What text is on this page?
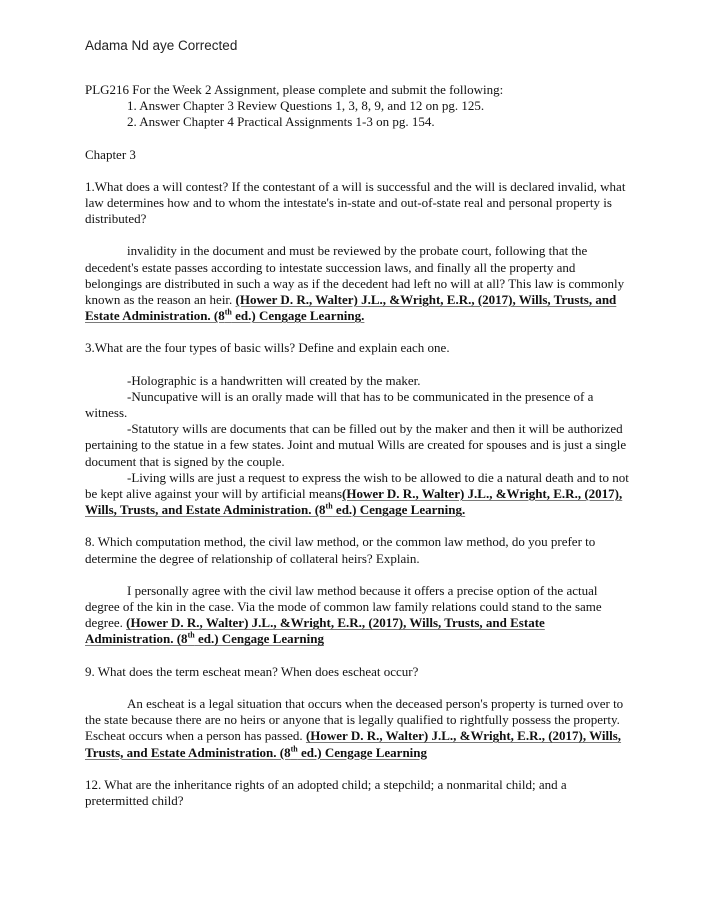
Adama Nd aye Corrected

PLG216 For the Week 2 Assignment, please complete and submit the following:

1. Answer Chapter 3 Review Questions 1, 3, 8, 9, and 12 on pg. 125.

2. Answer Chapter 4 Practical Assignments 1-3 on pg. 154.

Chapter 3

1.What does a will contest? If the contestant of a will is successful and the will is declared invalid, what law determines how and to whom the intestate's in-state and out-of-state real and personal property is distributed?

invalidity in the document and must be reviewed by the probate court, following that the decedent's estate passes according to intestate succession laws, and finally all the property and belongings are distributed in such a way as if the decedent had left no will at all? This law is commonly known as the reason an heir. (Hower D. R., Walter) J.L., &Wright, E.R., (2017), Wills, Trusts, and Estate Administration. (8th ed.) Cengage Learning.

3.What are the four types of basic wills? Define and explain each one.

-Holographic is a handwritten will created by the maker.

-Nuncupative will is an orally made will that has to be communicated in the presence of a witness.

-Statutory wills are documents that can be filled out by the maker and then it will be authorized pertaining to the statue in a few states. Joint and mutual Wills are created for spouses and is just a single document that is signed by the couple.

-Living wills are just a request to express the wish to be allowed to die a natural death and to not be kept alive against your will by artificial means(Hower D. R., Walter) J.L., &Wright, E.R., (2017), Wills, Trusts, and Estate Administration. (8th ed.) Cengage Learning.

8. Which computation method, the civil law method, or the common law method, do you prefer to determine the degree of relationship of collateral heirs? Explain.

I personally agree with the civil law method because it offers a precise option of the actual degree of the kin in the case. Via the mode of common law family relations could stand to the same degree. (Hower D. R., Walter) J.L., &Wright, E.R., (2017), Wills, Trusts, and Estate Administration. (8th ed.) Cengage Learning

9. What does the term escheat mean? When does escheat occur?

An escheat is a legal situation that occurs when the deceased person's property is turned over to the state because there are no heirs or anyone that is legally qualified to rightfully possess the property. Escheat occurs when a person has passed. (Hower D. R., Walter) J.L., &Wright, E.R., (2017), Wills, Trusts, and Estate Administration. (8th ed.) Cengage Learning

12. What are the inheritance rights of an adopted child; a stepchild; a nonmarital child; and a pretermitted child?
